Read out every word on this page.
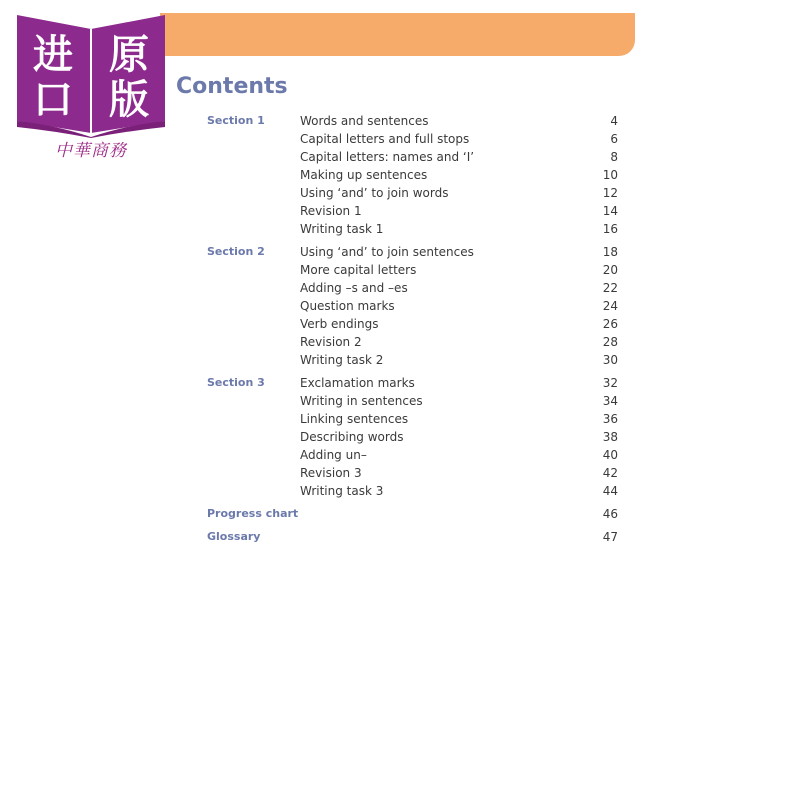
进 原
口 版
中華商務
Contents
Section 1	Words and sentences	4
Capital letters and full stops	6
Capital letters: names and ‘I’	8
Making up sentences	10
Using ‘and’ to join words	12
Revision 1	14
Writing task 1	16
Section 2	Using ‘and’ to join sentences	18
More capital letters	20
Adding –s and –es	22
Question marks	24
Verb endings	26
Revision 2	28
Writing task 2	30
Section 3	Exclamation marks	32
Writing in sentences	34
Linking sentences	36
Describing words	38
Adding un–	40
Revision 3	42
Writing task 3	44
Progress chart	46
Glossary	47
